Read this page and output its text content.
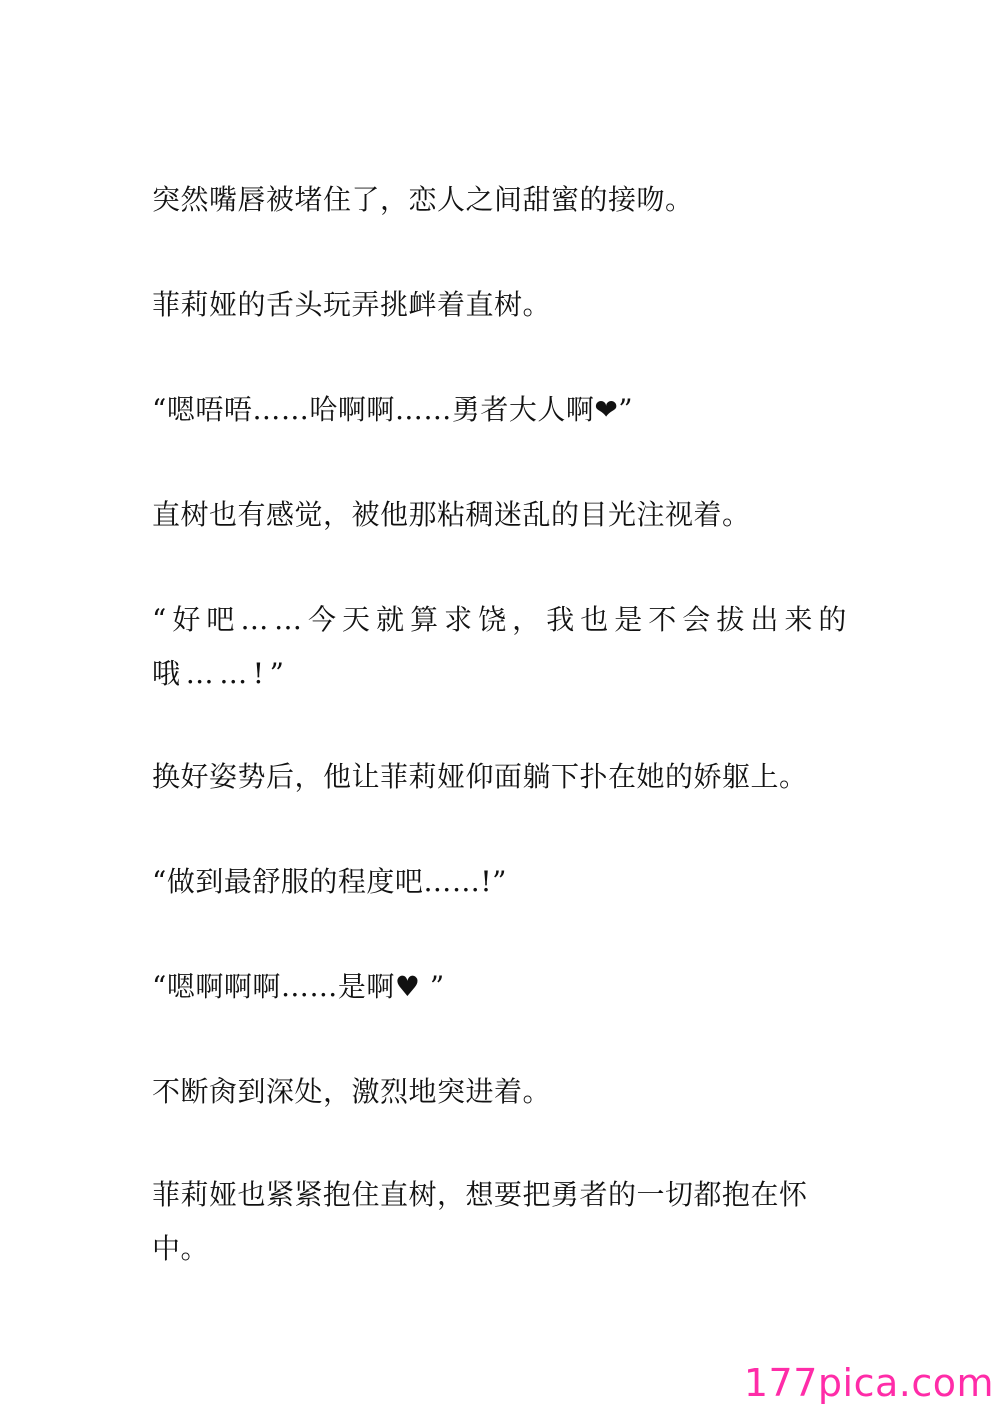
突然嘴唇被堵住了，恋人之间甜蜜的接吻。

菲莉娅的舌头玩弄挑衅着直树。

“嗯唔唔……哈啊啊……勇者大人啊❤”

直树也有感觉，被他那粘稠迷乱的目光注视着。

“好吧……今天就算求饶，我也是不会拔出来的哦……!”

换好姿势后，他让菲莉娅仰面躺下扑在她的娇躯上。

“做到最舒服的程度吧……!”

“嗯啊啊啊……是啊♥ ”

不断肏到深处，激烈地突进着。

菲莉娅也紧紧抱住直树，想要把勇者的一切都抱在怀中。

177pica.com
